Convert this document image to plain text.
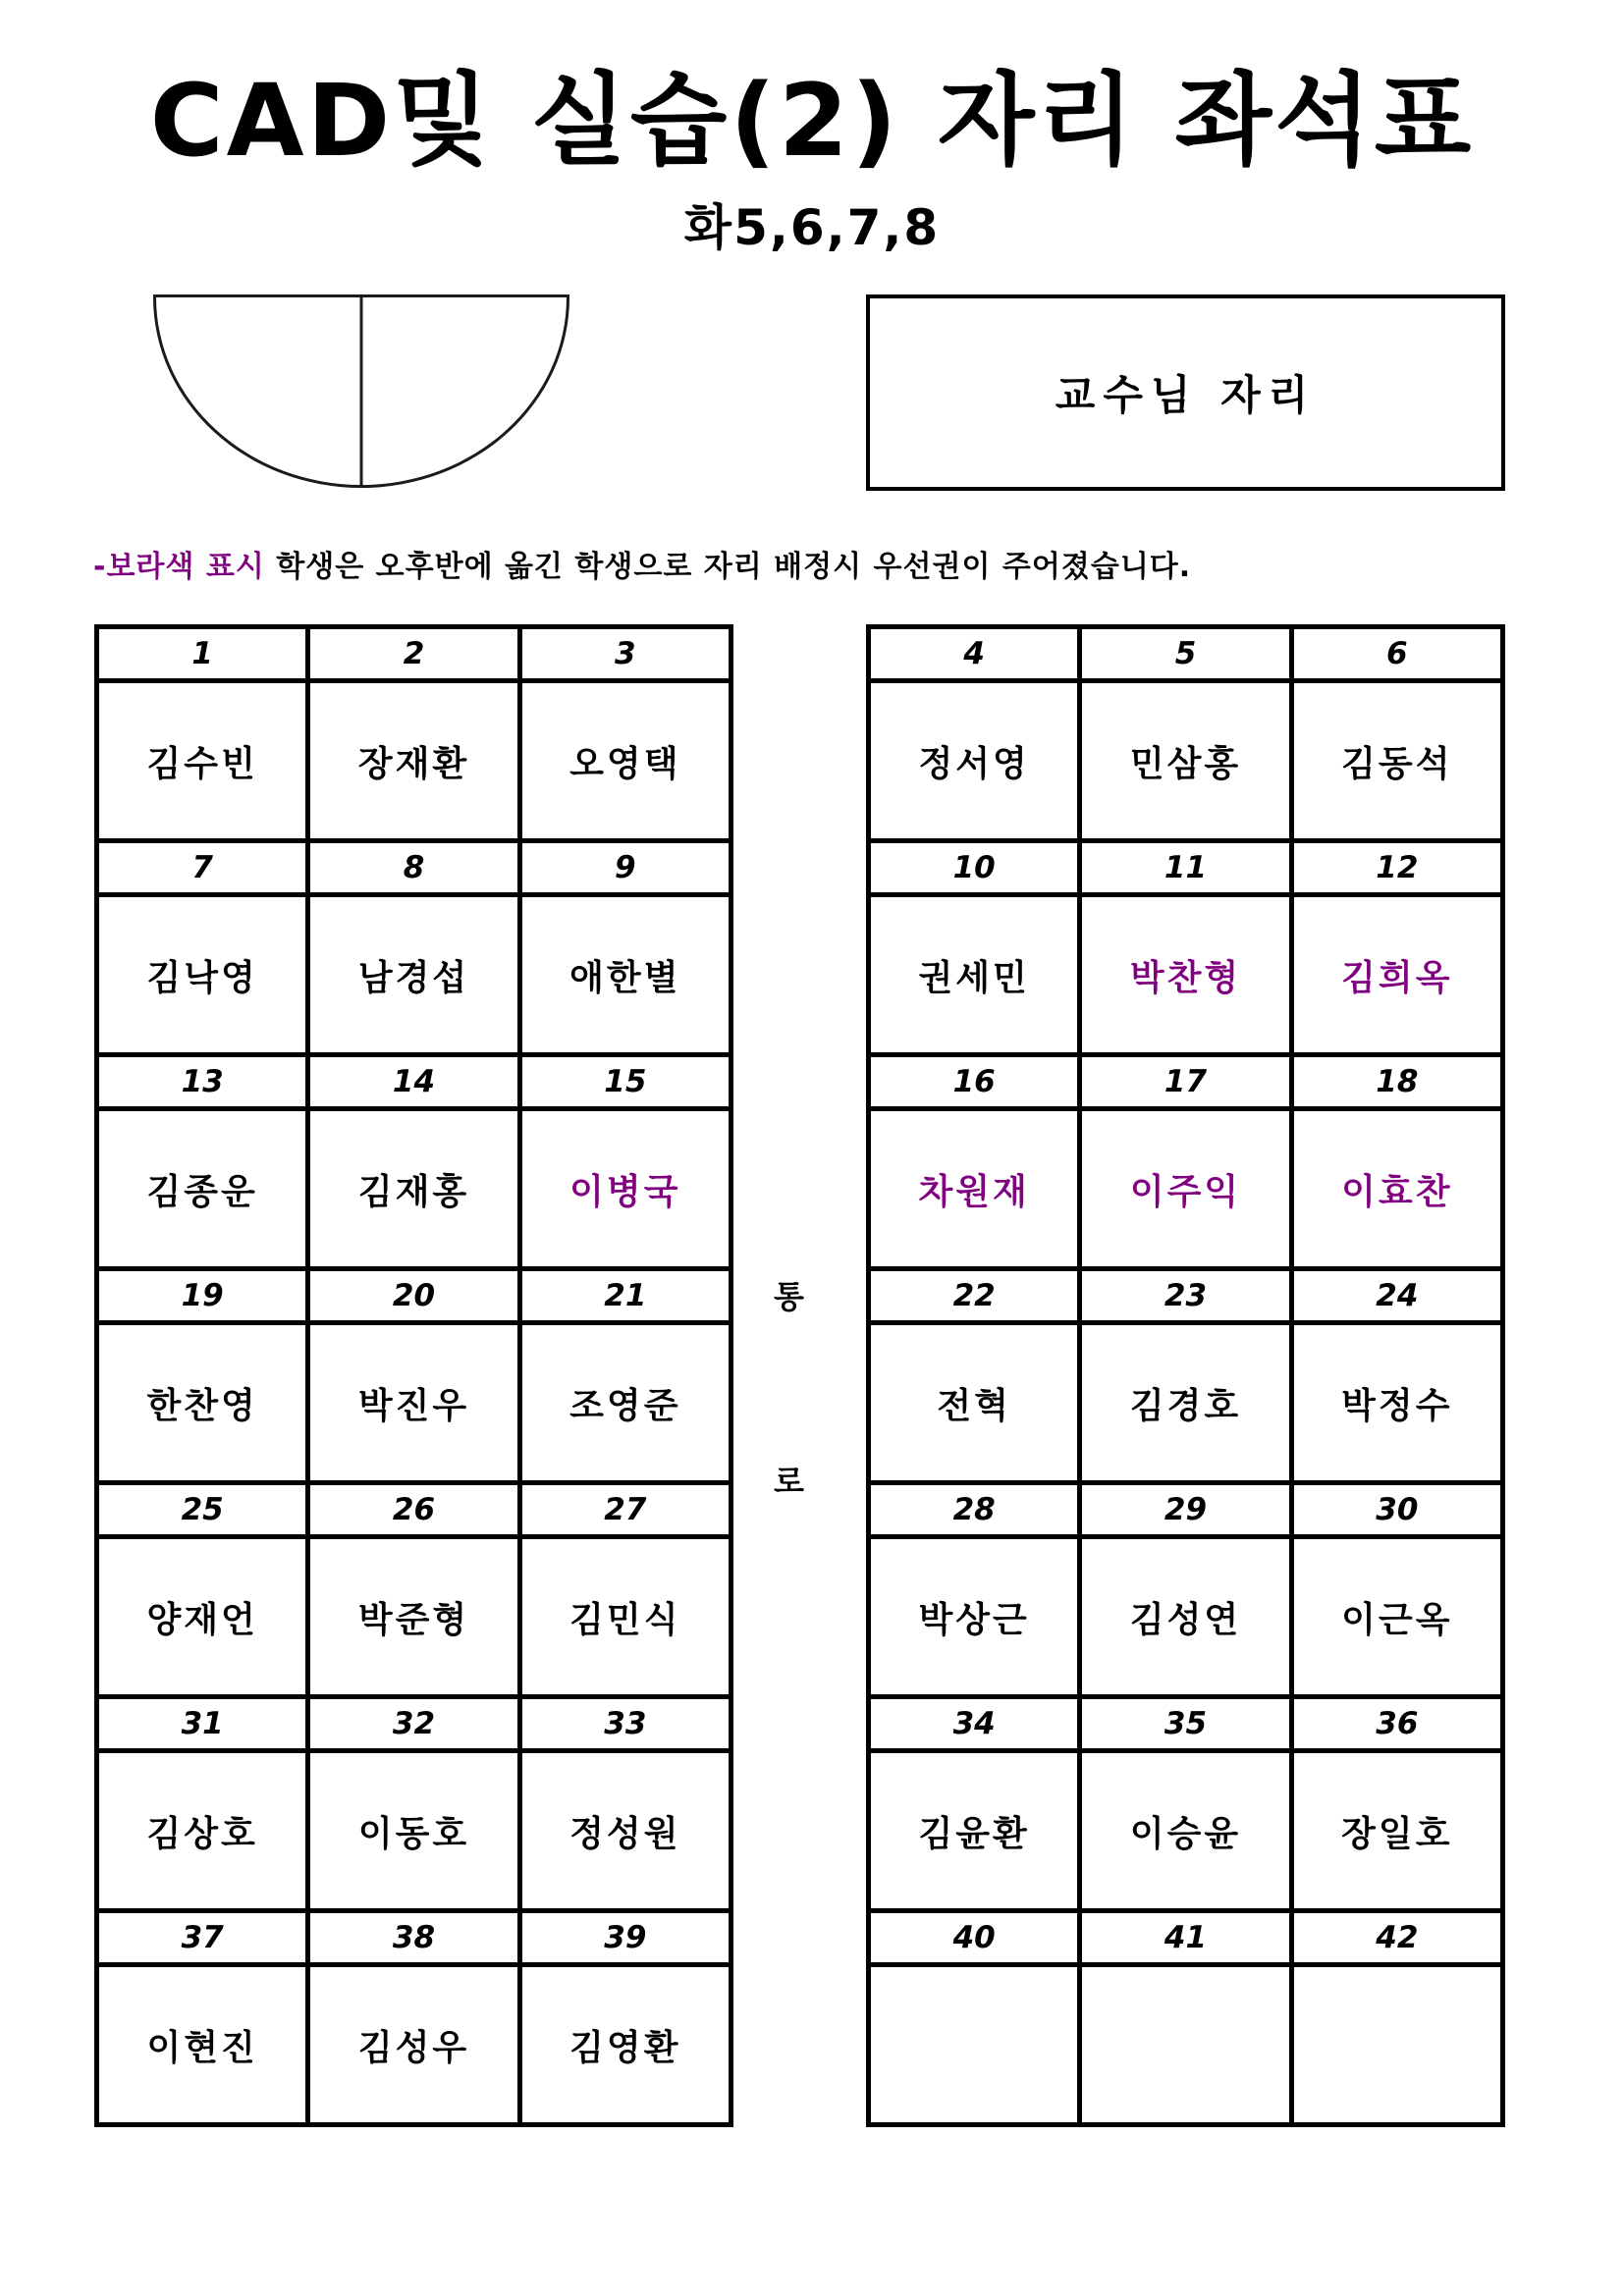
CAD및 실습(2) 자리 좌석표
화5,6,7,8
교수님 자리
-보라색 표시 학생은 오후반에 옮긴 학생으로 자리 배정시 우선권이 주어졌습니다.
1	2	3
김수빈	장재환	오영택
7	8	9
김낙영	남경섭	애한별
13	14	15
김종운	김재홍	이병국
19	20	21
한찬영	박진우	조영준
25	26	27
양재언	박준형	김민식
31	32	33
김상호	이동호	정성원
37	38	39
이현진	김성우	김영환
통
로
4	5	6
정서영	민삼홍	김동석
10	11	12
권세민	박찬형	김희옥
16	17	18
차원재	이주익	이효찬
22	23	24
전혁	김경호	박정수
28	29	30
박상근	김성연	이근옥
34	35	36
김윤환	이승윤	장일호
40	41	42
